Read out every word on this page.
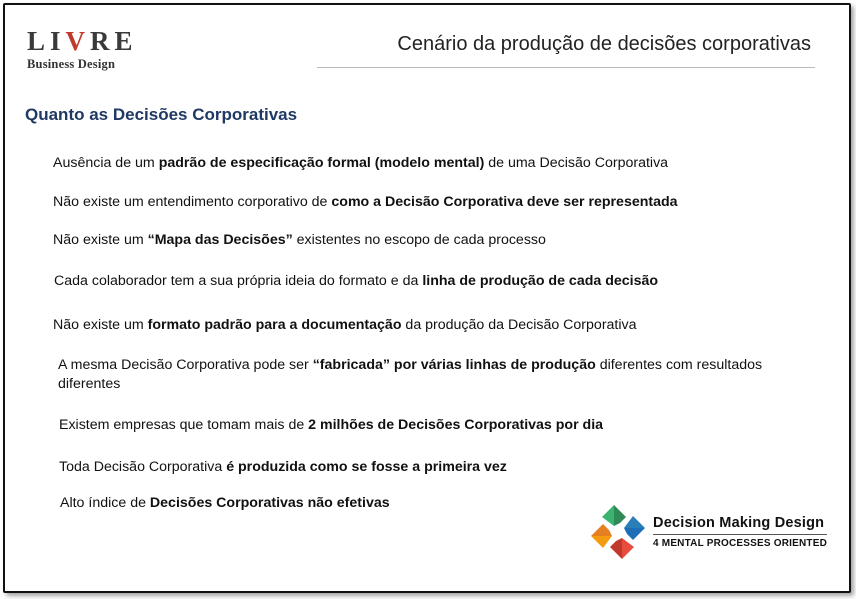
LIVRE
Business Design
Cenário da produção de decisões corporativas
Quanto as Decisões Corporativas
Ausência de um padrão de especificação formal (modelo mental) de uma Decisão Corporativa
Não existe um entendimento corporativo de como a Decisão Corporativa deve ser representada
Não existe um “Mapa das Decisões” existentes no escopo de cada processo
Cada colaborador tem a sua própria ideia do formato e da linha de produção de cada decisão
Não existe um formato padrão para a documentação da produção da Decisão Corporativa
A mesma Decisão Corporativa pode ser “fabricada” por várias linhas de produção diferentes com resultados diferentes
Existem empresas que tomam mais de 2 milhões de Decisões Corporativas por dia
Toda Decisão Corporativa é produzida como se fosse a primeira vez
Alto índice de Decisões Corporativas não efetivas
Decision Making Design
4 MENTAL PROCESSES ORIENTED
